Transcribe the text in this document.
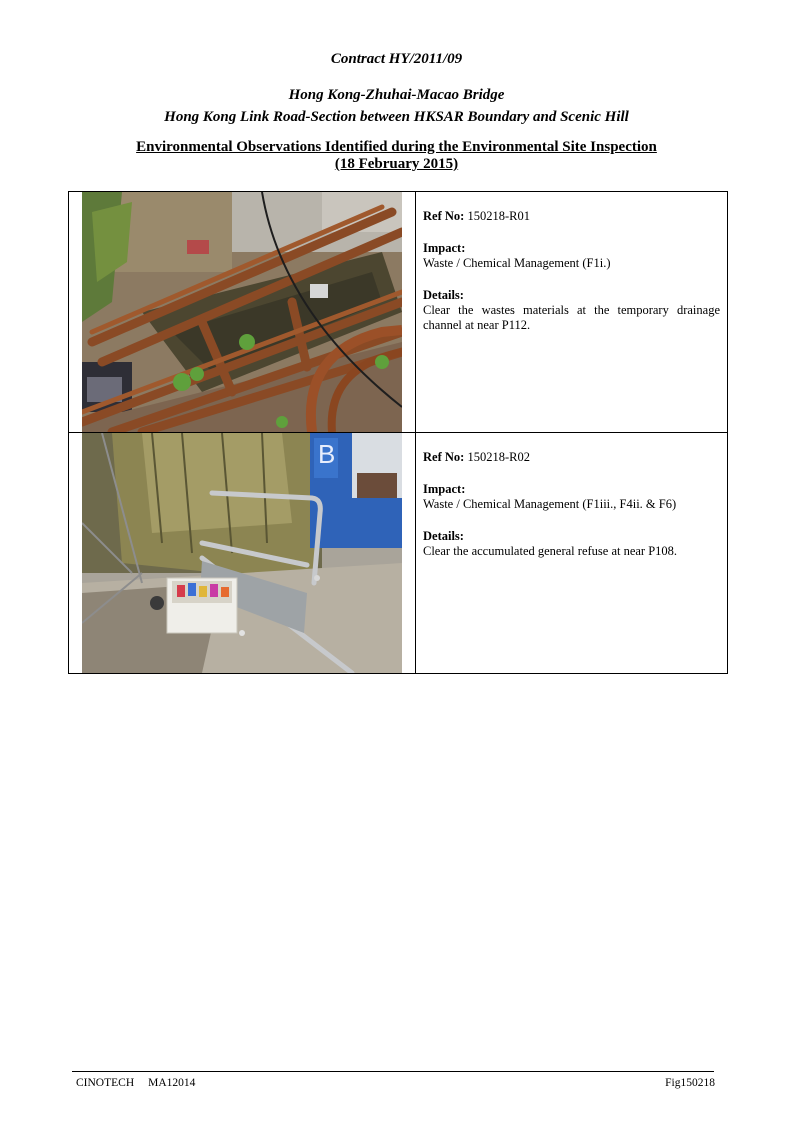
Contract HY/2011/09

Hong Kong-Zhuhai-Macao Bridge

Hong Kong Link Road-Section between HKSAR Boundary and Scenic Hill

Environmental Observations Identified during the Environmental Site Inspection

(18 February 2015)

Ref No: 150218-R01
Impact:
Waste / Chemical Management (F1i.)
Details:
Clear the wastes materials at the temporary drainage channel at near P112.

B	Ref No: 150218-R02
Impact:
Waste / Chemical Management (F1iii., F4ii. & F6)
Details:
Clear the accumulated general refuse at near P108.
CINOTECH MA12014	Fig150218
